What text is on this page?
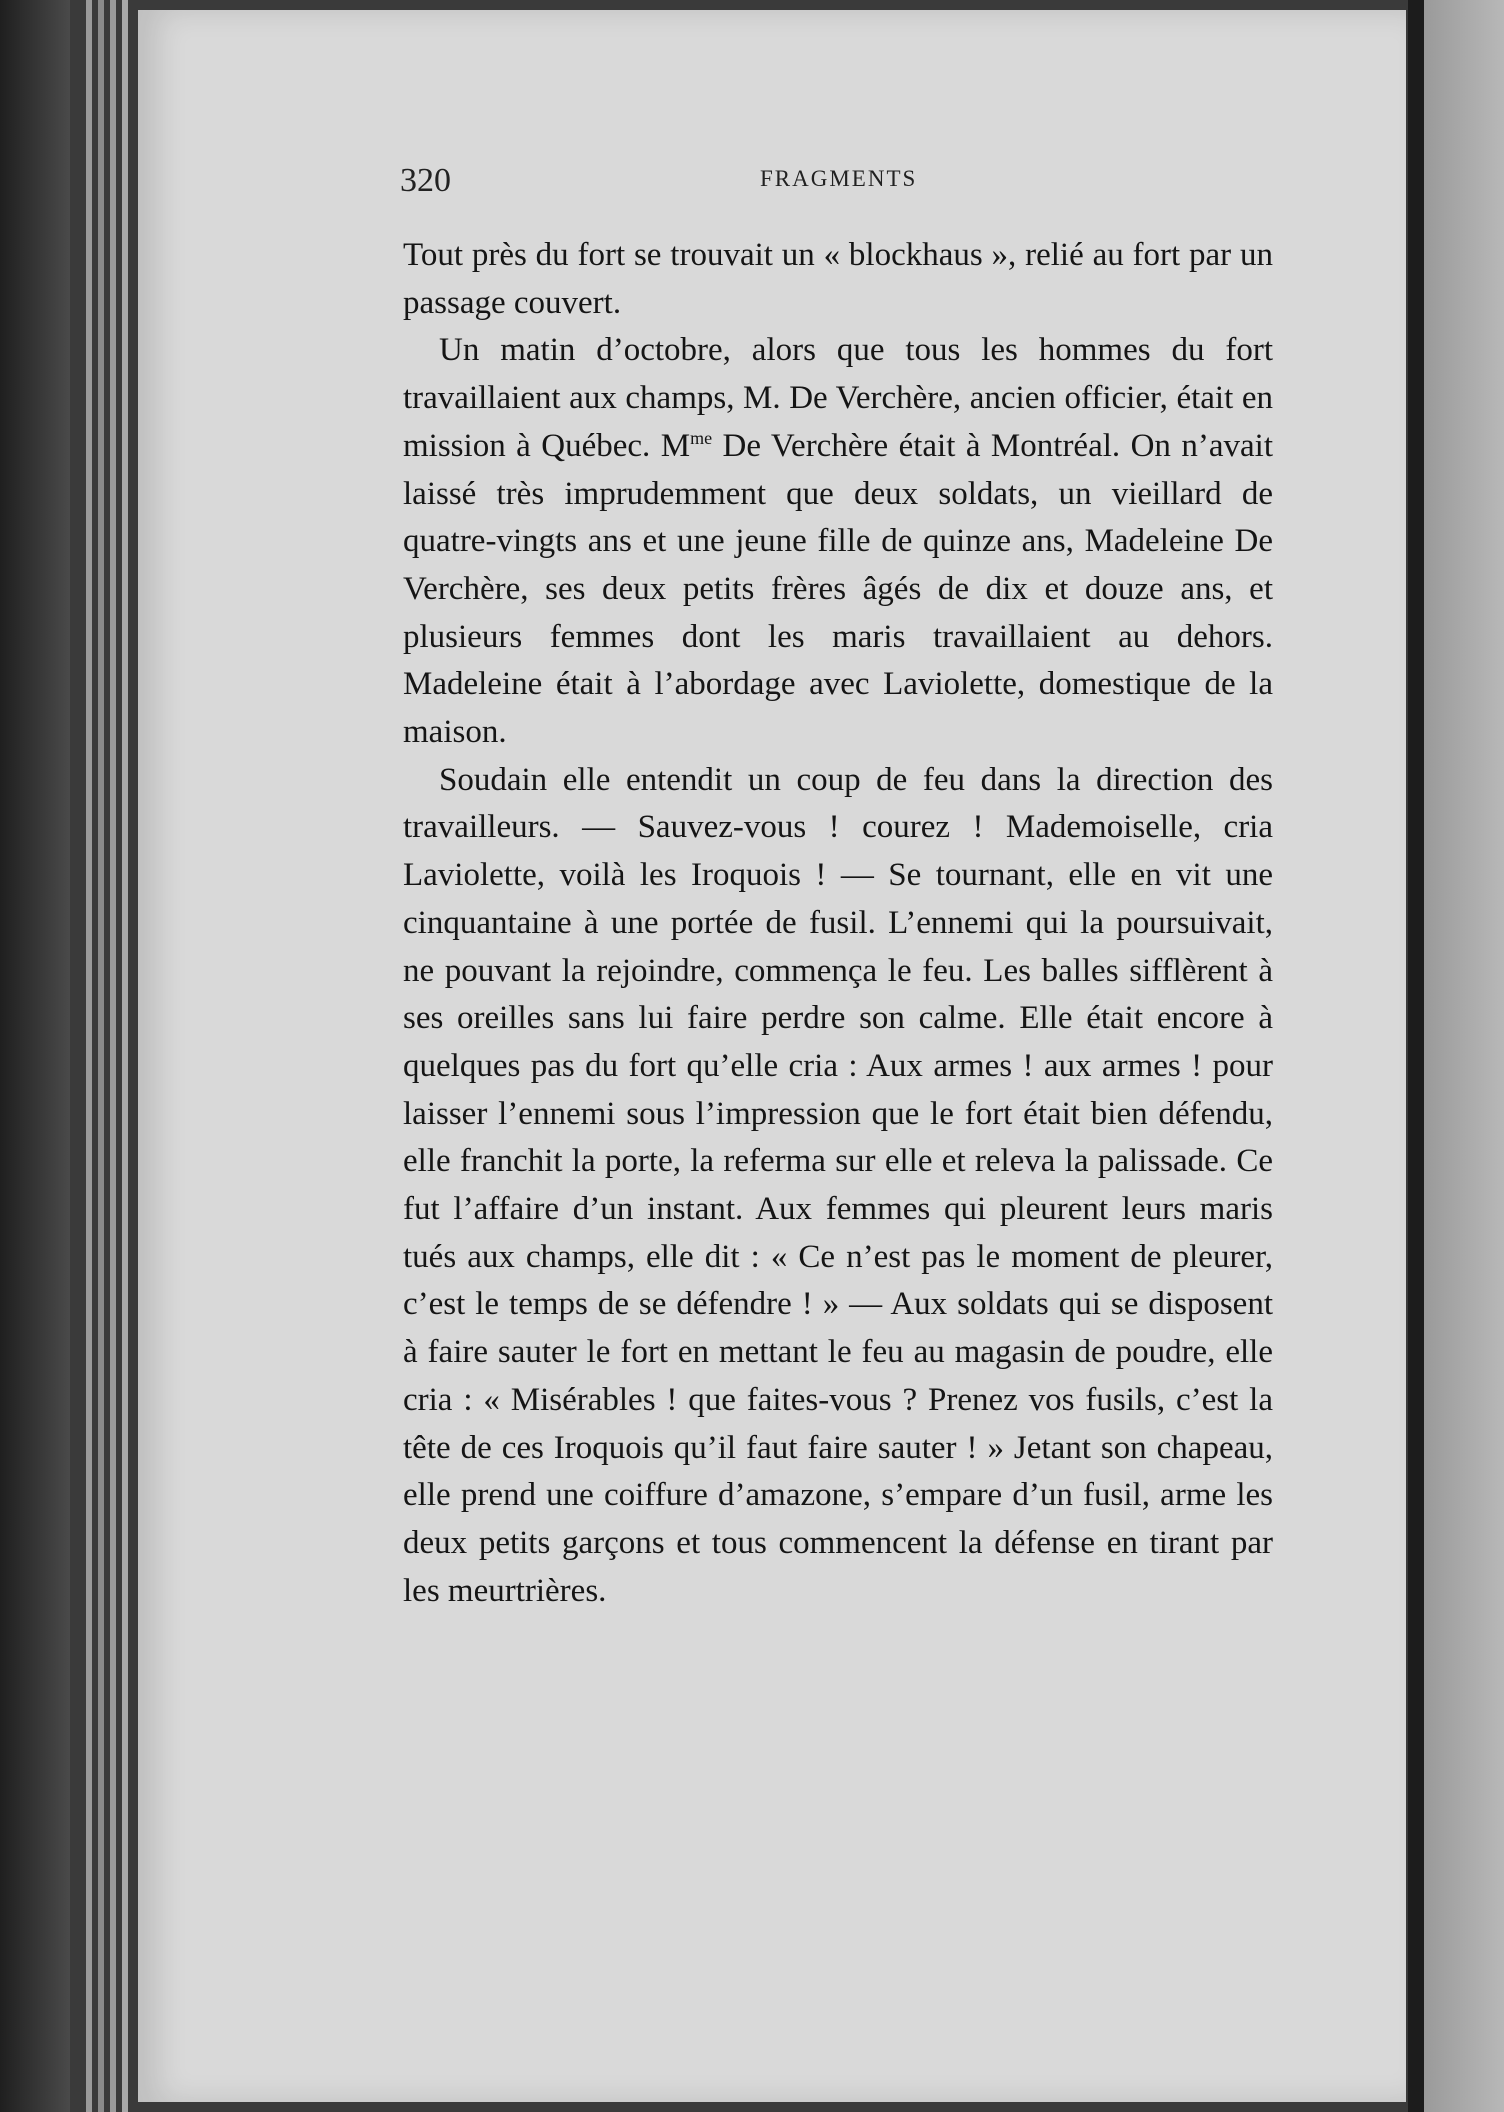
320	FRAGMENTS

Tout près du fort se trouvait un « blockhaus », relié au fort par un passage couvert.

Un matin d’octobre, alors que tous les hommes du fort travaillaient aux champs, M. De Verchère, ancien officier, était en mission à Québec. $M^{me}$ De Verchère était à Montréal. On n’avait laissé très imprudemment que deux soldats, un vieillard de quatre-vingts ans et une jeune fille de quinze ans, Madeleine De Verchère, ses deux petits frères âgés de dix et douze ans, et plusieurs femmes dont les maris travaillaient au dehors. Madeleine était à l’abordage avec Laviolette, domestique de la maison.

Soudain elle entendit un coup de feu dans la direction des travailleurs. — Sauvez-vous ! courez ! Mademoiselle, cria Laviolette, voilà les Iroquois ! — Se tournant, elle en vit une cinquantaine à une portée de fusil. L’ennemi qui la poursuivait, ne pouvant la rejoindre, commença le feu. Les balles sifflèrent à ses oreilles sans lui faire perdre son calme. Elle était encore à quelques pas du fort qu’elle cria : Aux armes ! aux armes ! pour laisser l’ennemi sous l’impression que le fort était bien défendu, elle franchit la porte, la referma sur elle et releva la palissade. Ce fut l’affaire d’un instant. Aux femmes qui pleurent leurs maris tués aux champs, elle dit : « Ce n’est pas le moment de pleurer, c’est le temps de se défendre ! » — Aux soldats qui se disposent à faire sauter le fort en mettant le feu au magasin de poudre, elle cria : « Misérables ! que faites-vous ? Prenez vos fusils, c’est la tête de ces Iroquois qu’il faut faire sauter ! » Jetant son chapeau, elle prend une coiffure d’amazone, s’empare d’un fusil, arme les deux petits garçons et tous commencent la défense en tirant par les meurtrières.
